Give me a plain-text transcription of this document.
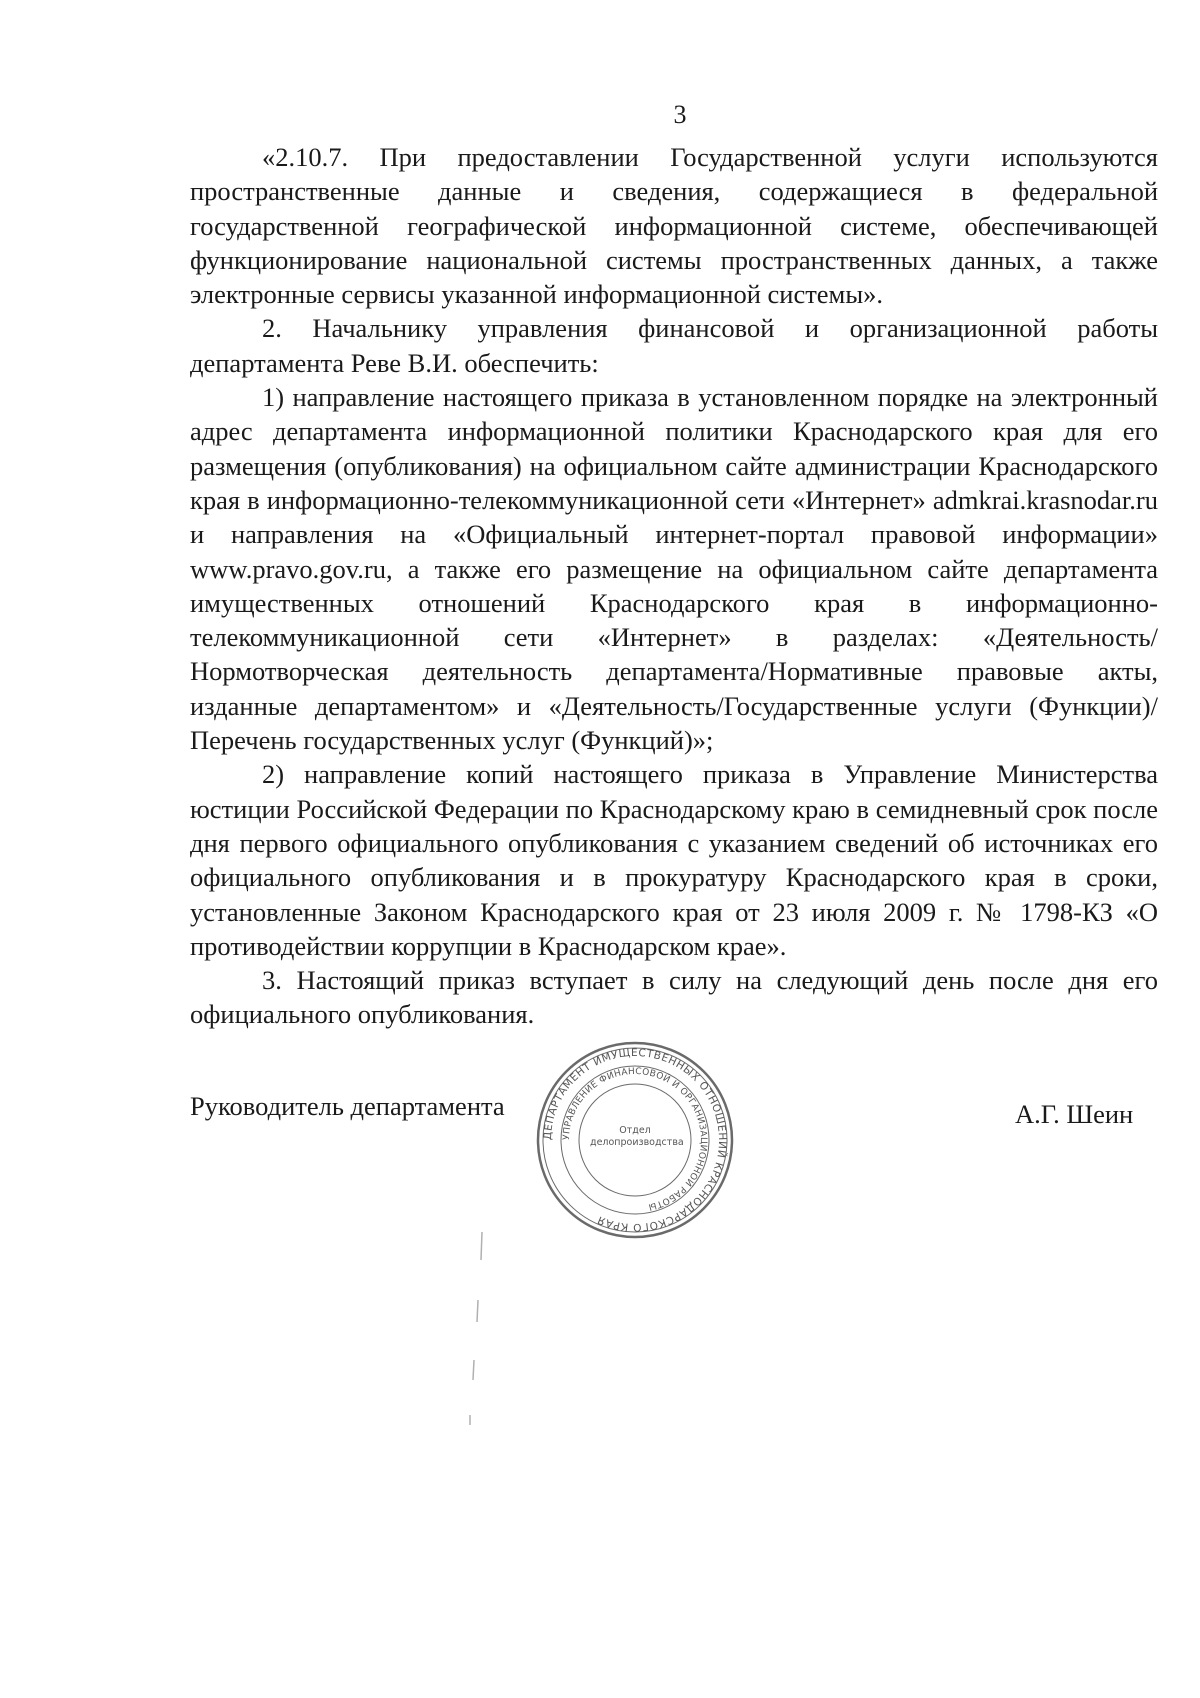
3

«2.10.7. При предоставлении Государственной услуги используются пространственные данные и сведения, содержащиеся в федеральной государственной географической информационной системе, обеспечивающей функционирование национальной системы пространственных данных, а также электронные сервисы указанной информационной системы».

2. Начальнику управления финансовой и организационной работы департамента Реве В.И. обеспечить:

1) направление настоящего приказа в установленном порядке на электронный адрес департамента информационной политики Краснодарского края для его размещения (опубликования) на официальном сайте администрации Краснодарского края в информационно-телекоммуникационной сети «Интернет» admkrai.krasnodar.ru и направления на «Официальный интернет-портал правовой информации» www.pravo.gov.ru, а также его размещение на официальном сайте департамента имущественных отношений Краснодарского края в информационно-телекоммуникационной сети «Интернет» в разделах: «Деятельность/Нормотворческая деятельность департамента/Нормативные правовые акты, изданные департаментом» и «Деятельность/Государственные услуги (Функции)/Перечень государственных услуг (Функций)»;

2) направление копий настоящего приказа в Управление Министерства юстиции Российской Федерации по Краснодарскому краю в семидневный срок после дня первого официального опубликования с указанием сведений об источниках его официального опубликования и в прокуратуру Краснодарского края в сроки, установленные Законом Краснодарского края от 23 июля 2009 г. № 1798-КЗ «О противодействии коррупции в Краснодарском крае».

3. Настоящий приказ вступает в силу на следующий день после дня его официального опубликования.

Руководитель департамента	А.Г. Шеин
ДЕПАРТАМЕНТ ИМУЩЕСТВЕННЫХ ОТНОШЕНИЙ КРАСНОДАРСКОГО КРАЯ
УПРАВЛЕНИЕ ФИНАНСОВОЙ И ОРГАНИЗАЦИОННОЙ РАБОТЫ
Отдел
делопроизводства
